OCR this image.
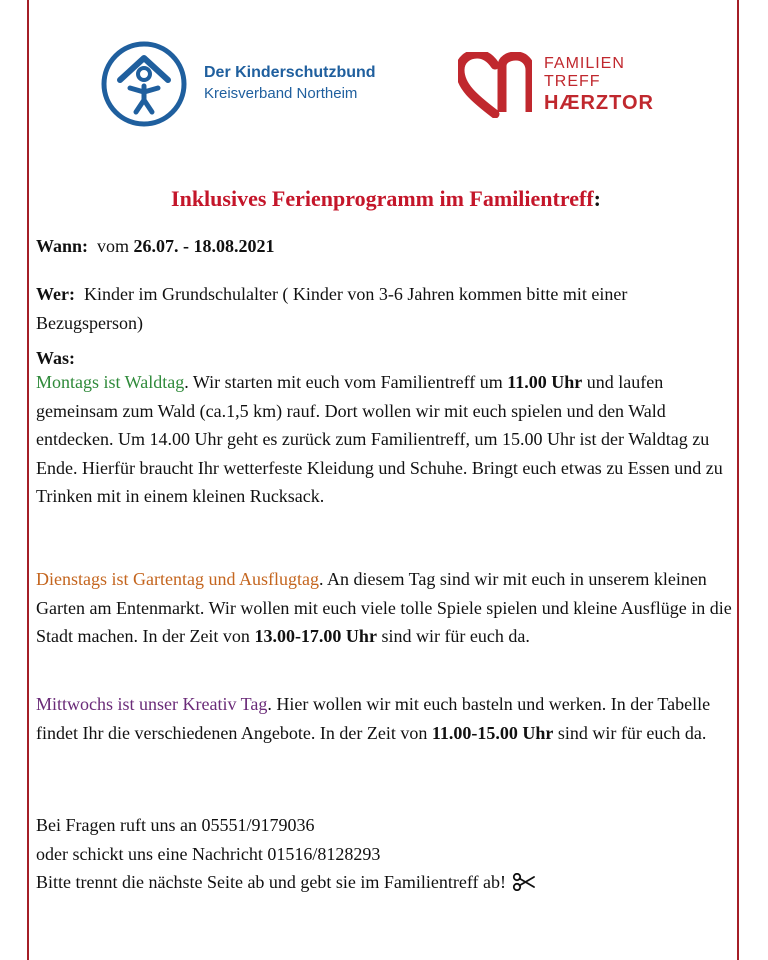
Der Kinderschutzbund
Kreisverband Northeim
FAMILIEN
TREFF
HÆRZTOR
Inklusives Ferienprogramm im Familientreff:
Wann: vom 26.07. - 18.08.2021
Wer: Kinder im Grundschulalter ( Kinder von 3-6 Jahren kommen bitte mit einer Bezugsperson)
Was:
Montags ist Waldtag. Wir starten mit euch vom Familientreff um 11.00 Uhr und laufen gemeinsam zum Wald (ca.1,5 km) rauf. Dort wollen wir mit euch spielen und den Wald entdecken. Um 14.00 Uhr geht es zurück zum Familientreff, um 15.00 Uhr ist der Waldtag zu Ende. Hierfür braucht Ihr wetterfeste Kleidung und Schuhe. Bringt euch etwas zu Essen und zu Trinken mit in einem kleinen Rucksack.
Dienstags ist Gartentag und Ausflugtag. An diesem Tag sind wir mit euch in unserem kleinen Garten am Entenmarkt. Wir wollen mit euch viele tolle Spiele spielen und kleine Ausflüge in die Stadt machen. In der Zeit von 13.00-17.00 Uhr sind wir für euch da.
Mittwochs ist unser Kreativ Tag. Hier wollen wir mit euch basteln und werken. In der Tabelle findet Ihr die verschiedenen Angebote. In der Zeit von 11.00-15.00 Uhr sind wir für euch da.
Bei Fragen ruft uns an 05551/9179036
oder schickt uns eine Nachricht 01516/8128293
Bitte trennt die nächste Seite ab und gebt sie im Familientreff ab!
